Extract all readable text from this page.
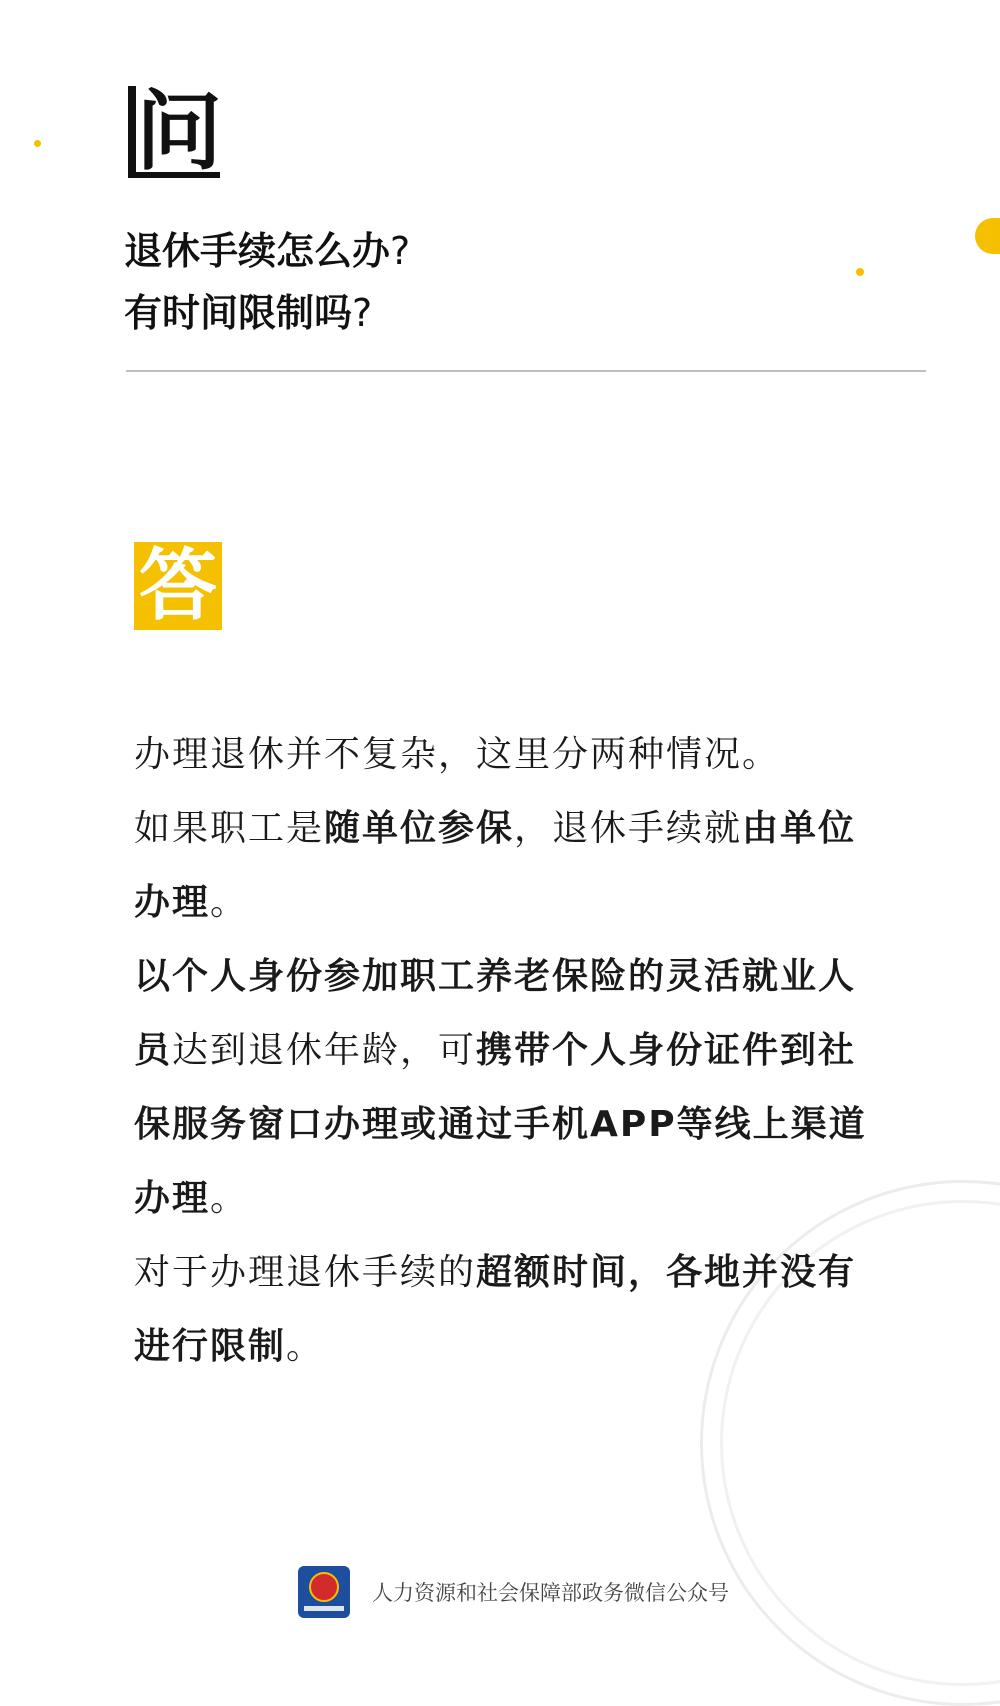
问
退休手续怎么办?
有时间限制吗?
答

办理退休并不复杂，这里分两种情况。

如果职工是随单位参保，退休手续就由单位办理。

以个人身份参加职工养老保险的灵活就业人员达到退休年龄，可携带个人身份证件到社保服务窗口办理或通过手机APP等线上渠道办理。

对于办理退休手续的超额时间，各地并没有进行限制。

人力资源和社会保障部政务微信公众号
